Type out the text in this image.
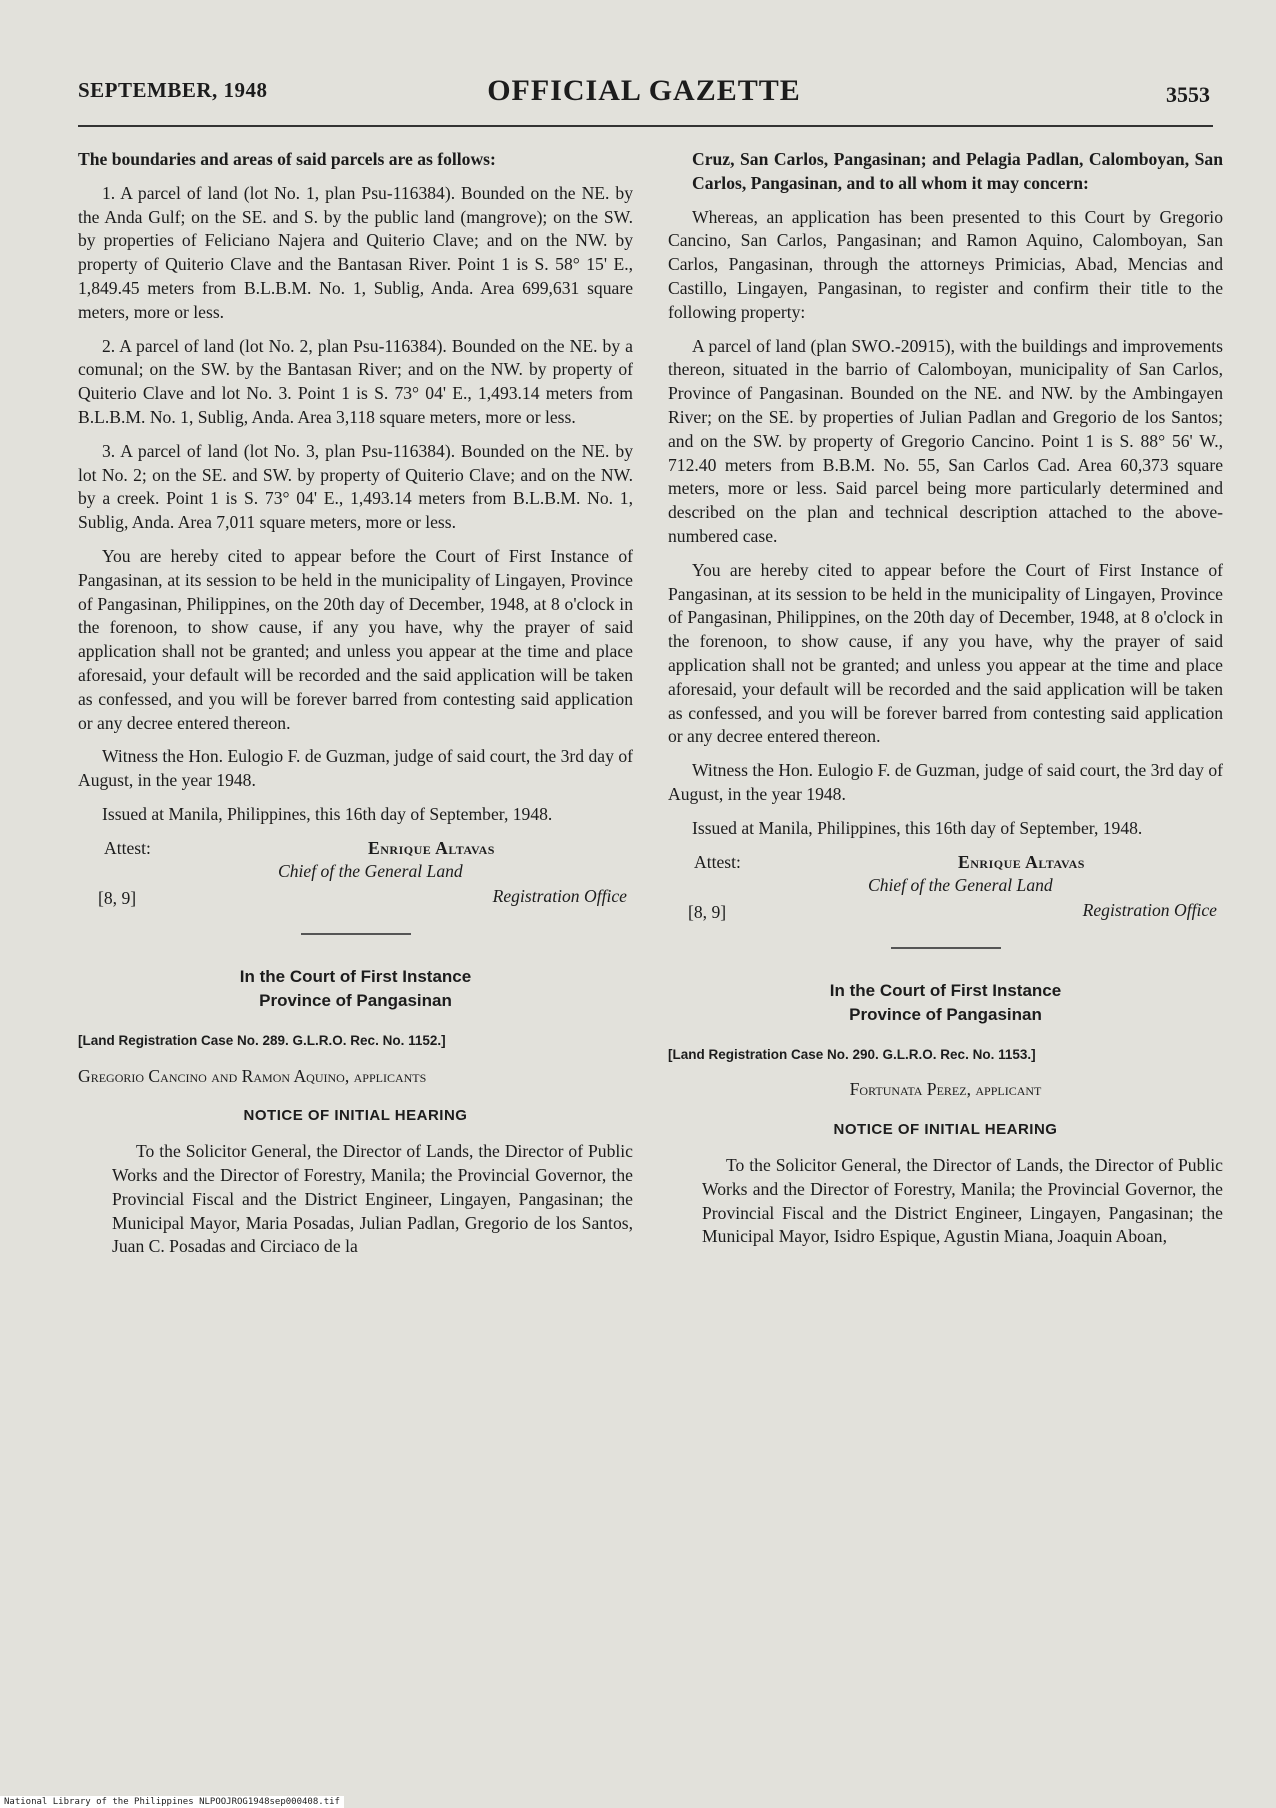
SEPTEMBER, 1948	OFFICIAL GAZETTE	3553

The boundaries and areas of said parcels are as follows:

1. A parcel of land (lot No. 1, plan Psu-116384). Bounded on the NE. by the Anda Gulf; on the SE. and S. by the public land (mangrove); on the SW. by properties of Feliciano Najera and Quiterio Clave; and on the NW. by property of Quiterio Clave and the Bantasan River. Point 1 is S. 58° 15' E., 1,849.45 meters from B.L.B.M. No. 1, Sublig, Anda. Area 699,631 square meters, more or less.

2. A parcel of land (lot No. 2, plan Psu-116384). Bounded on the NE. by a comunal; on the SW. by the Bantasan River; and on the NW. by property of Quiterio Clave and lot No. 3. Point 1 is S. 73° 04' E., 1,493.14 meters from B.L.B.M. No. 1, Sublig, Anda. Area 3,118 square meters, more or less.

3. A parcel of land (lot No. 3, plan Psu-116384). Bounded on the NE. by lot No. 2; on the SE. and SW. by property of Quiterio Clave; and on the NW. by a creek. Point 1 is S. 73° 04' E., 1,493.14 meters from B.L.B.M. No. 1, Sublig, Anda. Area 7,011 square meters, more or less.

You are hereby cited to appear before the Court of First Instance of Pangasinan, at its session to be held in the municipality of Lingayen, Province of Pangasinan, Philippines, on the 20th day of December, 1948, at 8 o'clock in the forenoon, to show cause, if any you have, why the prayer of said application shall not be granted; and unless you appear at the time and place aforesaid, your default will be recorded and the said application will be taken as confessed, and you will be forever barred from contesting said application or any decree entered thereon.

Witness the Hon. Eulogio F. de Guzman, judge of said court, the 3rd day of August, in the year 1948.

Issued at Manila, Philippines, this 16th day of September, 1948.

Attest:	Enrique Altavas
Chief of the General Land
[8, 9]	Registration Office
In the Court of First Instance
Province of Pangasinan
[Land Registration Case No. 289. G.L.R.O. Rec. No. 1152.]
Gregorio Cancino and Ramon Aquino, applicants
NOTICE OF INITIAL HEARING

To the Solicitor General, the Director of Lands, the Director of Public Works and the Director of Forestry, Manila; the Provincial Governor, the Provincial Fiscal and the District Engineer, Lingayen, Pangasinan; the Municipal Mayor, Maria Posadas, Julian Padlan, Gregorio de los Santos, Juan C. Posadas and Circiaco de la

Cruz, San Carlos, Pangasinan; and Pelagia Padlan, Calomboyan, San Carlos, Pangasinan, and to all whom it may concern:

Whereas, an application has been presented to this Court by Gregorio Cancino, San Carlos, Pangasinan; and Ramon Aquino, Calomboyan, San Carlos, Pangasinan, through the attorneys Primicias, Abad, Mencias and Castillo, Lingayen, Pangasinan, to register and confirm their title to the following property:

A parcel of land (plan SWO.-20915), with the buildings and improvements thereon, situated in the barrio of Calomboyan, municipality of San Carlos, Province of Pangasinan. Bounded on the NE. and NW. by the Ambingayen River; on the SE. by properties of Julian Padlan and Gregorio de los Santos; and on the SW. by property of Gregorio Cancino. Point 1 is S. 88° 56' W., 712.40 meters from B.B.M. No. 55, San Carlos Cad. Area 60,373 square meters, more or less. Said parcel being more particularly determined and described on the plan and technical description attached to the above-numbered case.

You are hereby cited to appear before the Court of First Instance of Pangasinan, at its session to be held in the municipality of Lingayen, Province of Pangasinan, Philippines, on the 20th day of December, 1948, at 8 o'clock in the forenoon, to show cause, if any you have, why the prayer of said application shall not be granted; and unless you appear at the time and place aforesaid, your default will be recorded and the said application will be taken as confessed, and you will be forever barred from contesting said application or any decree entered thereon.

Witness the Hon. Eulogio F. de Guzman, judge of said court, the 3rd day of August, in the year 1948.

Issued at Manila, Philippines, this 16th day of September, 1948.

Attest:	Enrique Altavas
Chief of the General Land
[8, 9]	Registration Office
In the Court of First Instance
Province of Pangasinan
[Land Registration Case No. 290. G.L.R.O. Rec. No. 1153.]
Fortunata Perez, applicant
NOTICE OF INITIAL HEARING

To the Solicitor General, the Director of Lands, the Director of Public Works and the Director of Forestry, Manila; the Provincial Governor, the Provincial Fiscal and the District Engineer, Lingayen, Pangasinan; the Municipal Mayor, Isidro Espique, Agustin Miana, Joaquin Aboan,

National Library of the Philippines NLPOOJROG1948sep000408.tif
